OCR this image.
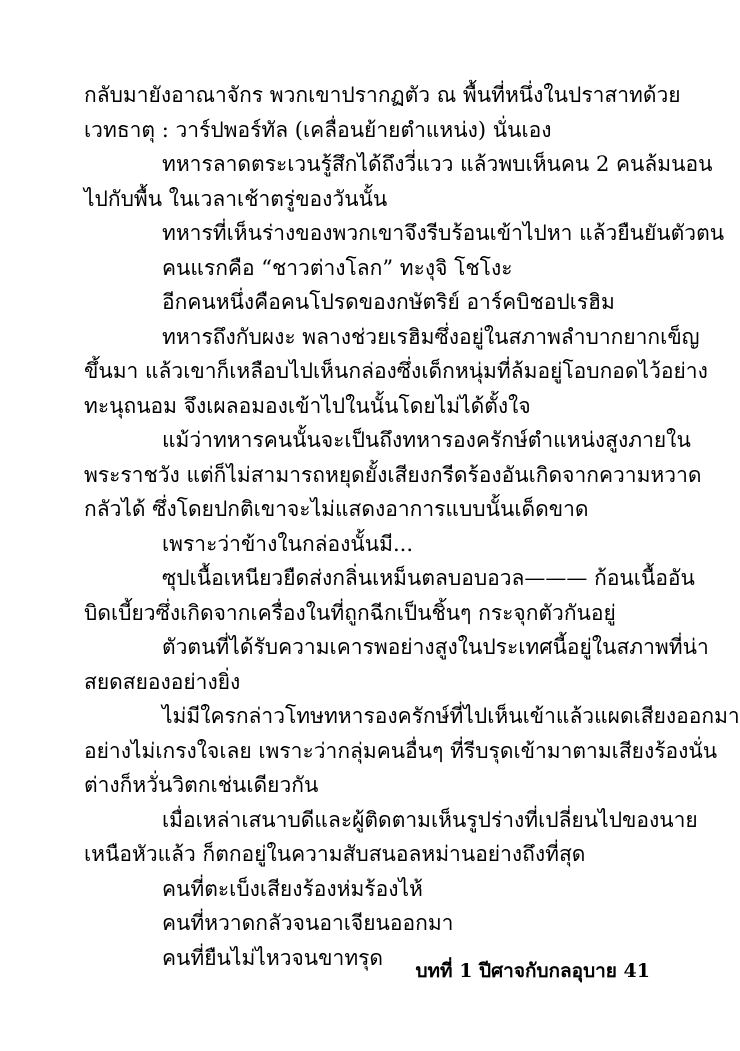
กลับมายังอาณาจักร พวกเขาปรากฏตัว ณ พื้นที่หนึ่งในปราสาทด้วย

เวทธาตุ : วาร์ปพอร์ทัล (เคลื่อนย้ายตำแหน่ง) นั่นเอง

ทหารลาดตระเวนรู้สึกได้ถึงวี่แวว แล้วพบเห็นคน 2 คนล้มนอน

ไปกับพื้น ในเวลาเช้าตรู่ของวันนั้น

ทหารที่เห็นร่างของพวกเขาจึงรีบร้อนเข้าไปหา แล้วยืนยันตัวตน

คนแรกคือ “ชาวต่างโลก” ทะงุจิ โชโงะ

อีกคนหนึ่งคือคนโปรดของกษัตริย์ อาร์คบิชอปเรฮิม

ทหารถึงกับผงะ พลางช่วยเรฮิมซึ่งอยู่ในสภาพลำบากยากเข็ญ

ขึ้นมา แล้วเขาก็เหลือบไปเห็นกล่องซึ่งเด็กหนุ่มที่ล้มอยู่โอบกอดไว้อย่าง

ทะนุถนอม จึงเผลอมองเข้าไปในนั้นโดยไม่ได้ตั้งใจ

แม้ว่าทหารคนนั้นจะเป็นถึงทหารองครักษ์ตำแหน่งสูงภายใน

พระราชวัง แต่ก็ไม่สามารถหยุดยั้งเสียงกรีดร้องอันเกิดจากความหวาด

กลัวได้ ซึ่งโดยปกติเขาจะไม่แสดงอาการแบบนั้นเด็ดขาด

เพราะว่าข้างในกล่องนั้นมี...

ซุปเนื้อเหนียวยืดส่งกลิ่นเหม็นตลบอบอวล——— ก้อนเนื้ออัน

บิดเบี้ยวซึ่งเกิดจากเครื่องในที่ถูกฉีกเป็นชิ้นๆ กระจุกตัวกันอยู่

ตัวตนที่ได้รับความเคารพอย่างสูงในประเทศนี้อยู่ในสภาพที่น่า

สยดสยองอย่างยิ่ง

ไม่มีใครกล่าวโทษทหารองครักษ์ที่ไปเห็นเข้าแล้วแผดเสียงออกมา

อย่างไม่เกรงใจเลย เพราะว่ากลุ่มคนอื่นๆ ที่รีบรุดเข้ามาตามเสียงร้องนั่น

ต่างก็หวั่นวิตกเช่นเดียวกัน

เมื่อเหล่าเสนาบดีและผู้ติดตามเห็นรูปร่างที่เปลี่ยนไปของนาย

เหนือหัวแล้ว ก็ตกอยู่ในความสับสนอลหม่านอย่างถึงที่สุด

คนที่ตะเบ็งเสียงร้องห่มร้องไห้

คนที่หวาดกลัวจนอาเจียนออกมา

คนที่ยืนไม่ไหวจนขาทรุด

บทที่ 1 ปีศาจกับกลอุบาย 41
